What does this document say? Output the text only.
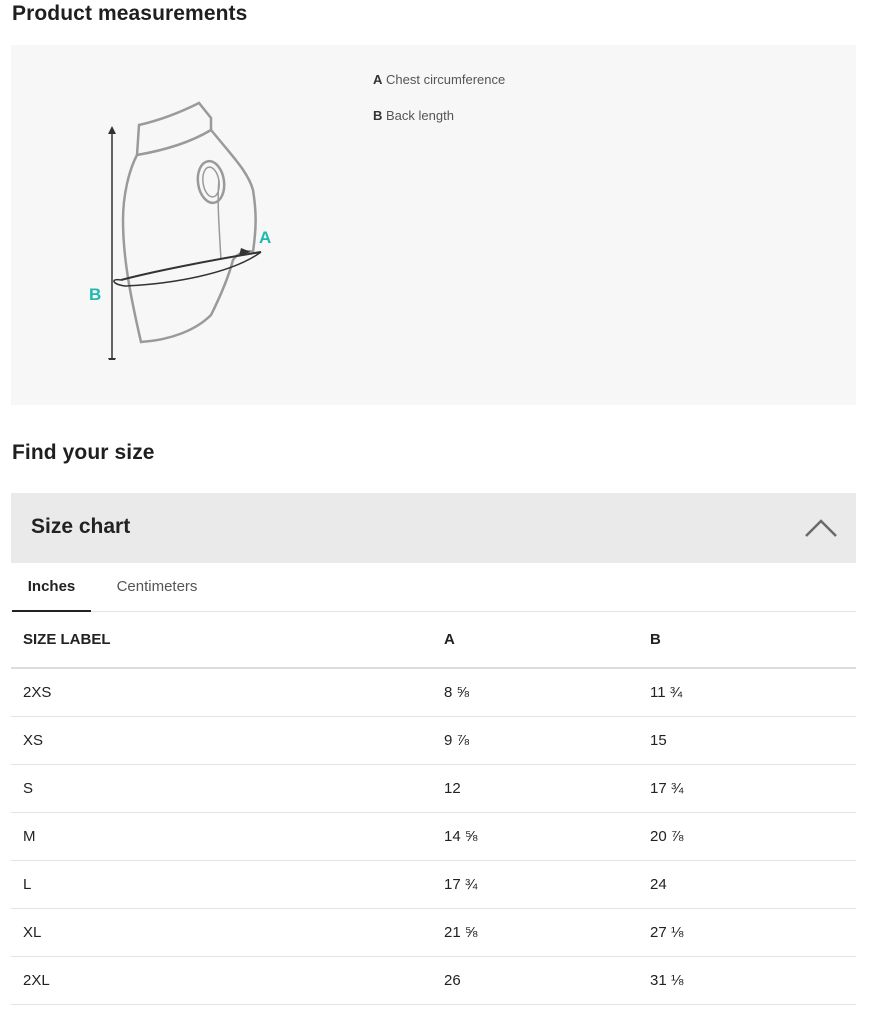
Product measurements
A
B
A Chest circumference
B Back length
Find your size
Size chart
Inches	Centimeters
SIZE LABEL	A	B
2XS	8 ⅝	11 ¾
XS	9 ⅞	15
S	12	17 ¾
M	14 ⅝	20 ⅞
L	17 ¾	24
XL	21 ⅝	27 ⅛
2XL	26	31 ⅛
